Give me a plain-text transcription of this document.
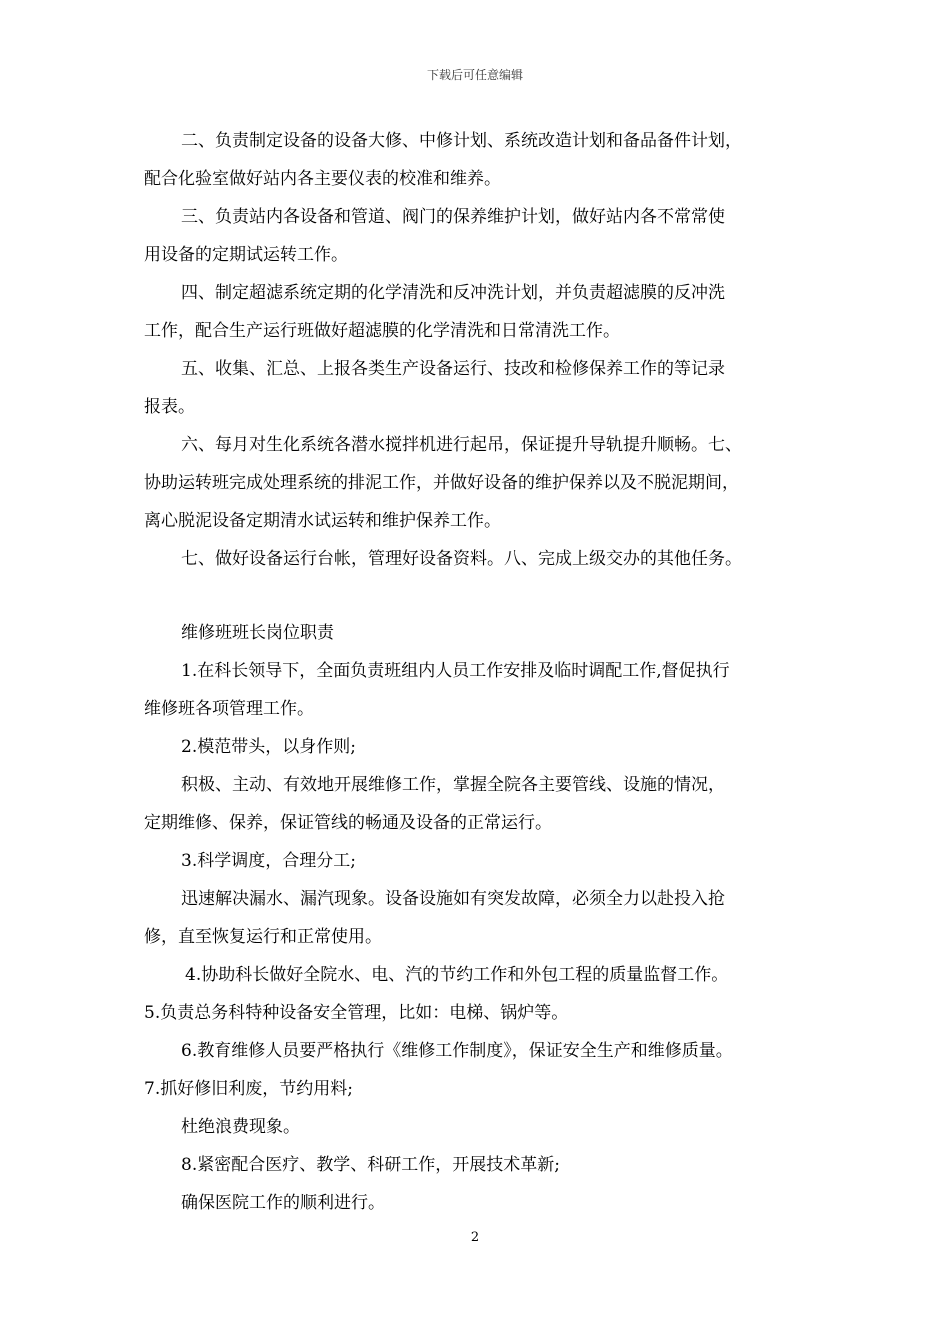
下载后可任意编辑

二、负责制定设备的设备大修、中修计划、系统改造计划和备品备件计划，

配合化验室做好站内各主要仪表的校准和维养。

三、负责站内各设备和管道、阀门的保养维护计划，做好站内各不常常使

用设备的定期试运转工作。

四、制定超滤系统定期的化学清洗和反冲洗计划，并负责超滤膜的反冲洗

工作，配合生产运行班做好超滤膜的化学清洗和日常清洗工作。

五、收集、汇总、上报各类生产设备运行、技改和检修保养工作的等记录

报表。

六、每月对生化系统各潜水搅拌机进行起吊，保证提升导轨提升顺畅。七、

协助运转班完成处理系统的排泥工作，并做好设备的维护保养以及不脱泥期间，

离心脱泥设备定期清水试运转和维护保养工作。

七、做好设备运行台帐，管理好设备资料。八、完成上级交办的其他任务。

维修班班长岗位职责

1.在科长领导下，全面负责班组内人员工作安排及临时调配工作,督促执行

维修班各项管理工作。

2.模范带头，以身作则;

积极、主动、有效地开展维修工作，掌握全院各主要管线、设施的情况，

定期维修、保养，保证管线的畅通及设备的正常运行。

3.科学调度，合理分工;

迅速解决漏水、漏汽现象。设备设施如有突发故障，必须全力以赴投入抢

修，直至恢复运行和正常使用。

4.协助科长做好全院水、电、汽的节约工作和外包工程的质量监督工作。

5.负责总务科特种设备安全管理，比如：电梯、锅炉等。

6.教育维修人员要严格执行《维修工作制度》，保证安全生产和维修质量。

7.抓好修旧利废，节约用料;

杜绝浪费现象。

8.紧密配合医疗、教学、科研工作，开展技术革新;

确保医院工作的顺利进行。

2
